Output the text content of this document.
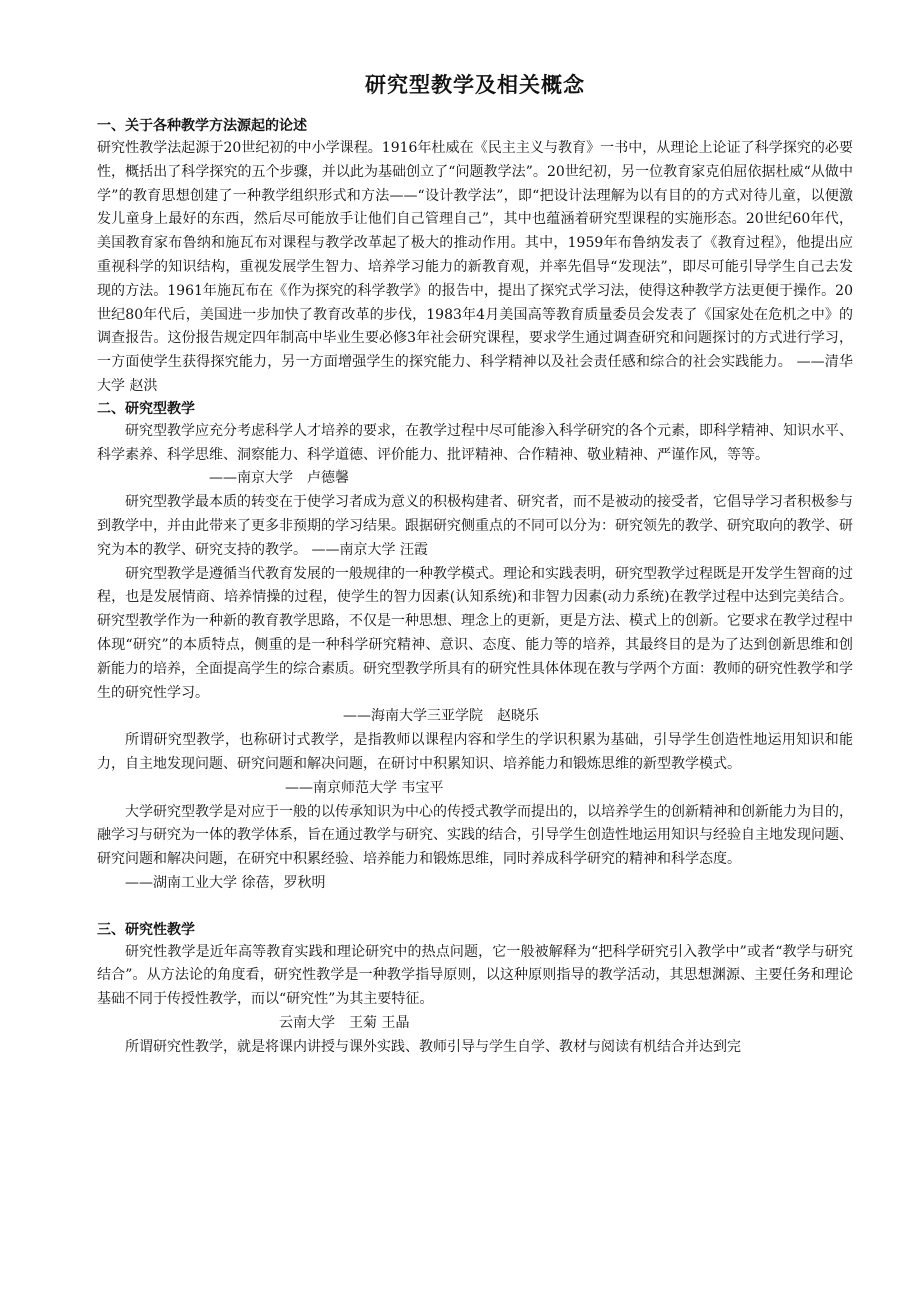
研究型教学及相关概念
一、关于各种教学方法源起的论述

研究性教学法起源于20世纪初的中小学课程。1916年杜威在《民主主义与教育》一书中，从理论上论证了科学探究的必要性，概括出了科学探究的五个步骤，并以此为基础创立了“问题教学法”。20世纪初，另一位教育家克伯屈依据杜威“从做中学”的教育思想创建了一种教学组织形式和方法——“设计教学法”，即“把设计法理解为以有目的的方式对待儿童，以便激发儿童身上最好的东西，然后尽可能放手让他们自己管理自己”，其中也蕴涵着研究型课程的实施形态。20世纪60年代，美国教育家布鲁纳和施瓦布对课程与教学改革起了极大的推动作用。其中，1959年布鲁纳发表了《教育过程》，他提出应重视科学的知识结构，重视发展学生智力、培养学习能力的新教育观，并率先倡导“发现法”，即尽可能引导学生自己去发现的方法。1961年施瓦布在《作为探究的科学教学》的报告中，提出了探究式学习法，使得这种教学方法更便于操作。20世纪80年代后，美国进一步加快了教育改革的步伐，1983年4月美国高等教育质量委员会发表了《国家处在危机之中》的调查报告。这份报告规定四年制高中毕业生要必修3年社会研究课程，要求学生通过调查研究和问题探讨的方式进行学习，一方面使学生获得探究能力，另一方面增强学生的探究能力、科学精神以及社会责任感和综合的社会实践能力。 ——清华大学 赵洪

二、研究型教学

研究型教学应充分考虑科学人才培养的要求，在教学过程中尽可能渗入科学研究的各个元素，即科学精神、知识水平、科学素养、科学思维、洞察能力、科学道德、评价能力、批评精神、合作精神、敬业精神、严谨作风，等等。

——南京大学　卢德馨

研究型教学最本质的转变在于使学习者成为意义的积极构建者、研究者，而不是被动的接受者，它倡导学习者积极参与到教学中，并由此带来了更多非预期的学习结果。跟据研究侧重点的不同可以分为：研究领先的教学、研究取向的教学、研究为本的教学、研究支持的教学。 ——南京大学 汪霞

研究型教学是遵循当代教育发展的一般规律的一种教学模式。理论和实践表明，研究型教学过程既是开发学生智商的过程，也是发展情商、培养情操的过程，使学生的智力因素(认知系统)和非智力因素(动力系统)在教学过程中达到完美结合。研究型教学作为一种新的教育教学思路，不仅是一种思想、理念上的更新，更是方法、模式上的创新。它要求在教学过程中体现“研究”的本质特点，侧重的是一种科学研究精神、意识、态度、能力等的培养，其最终目的是为了达到创新思维和创新能力的培养，全面提高学生的综合素质。研究型教学所具有的研究性具体体现在教与学两个方面：教师的研究性教学和学生的研究性学习。

——海南大学三亚学院　赵晓乐

所谓研究型教学，也称研讨式教学，是指教师以课程内容和学生的学识积累为基础，引导学生创造性地运用知识和能力，自主地发现问题、研究问题和解决问题，在研讨中积累知识、培养能力和锻炼思维的新型教学模式。

——南京师范大学 韦宝平

大学研究型教学是对应于一般的以传承知识为中心的传授式教学而提出的，以培养学生的创新精神和创新能力为目的，融学习与研究为一体的教学体系，旨在通过教学与研究、实践的结合，引导学生创造性地运用知识与经验自主地发现问题、研究问题和解决问题，在研究中积累经验、培养能力和锻炼思维，同时养成科学研究的精神和科学态度。

——湖南工业大学 徐蓓，罗秋明

三、研究性教学

研究性教学是近年高等教育实践和理论研究中的热点问题，它一般被解释为“把科学研究引入教学中”或者“教学与研究结合”。从方法论的角度看，研究性教学是一种教学指导原则，以这种原则指导的教学活动，其思想渊源、主要任务和理论基础不同于传授性教学，而以“研究性”为其主要特征。

云南大学　王菊 王晶

所谓研究性教学，就是将课内讲授与课外实践、教师引导与学生自学、教材与阅读有机结合并达到完
